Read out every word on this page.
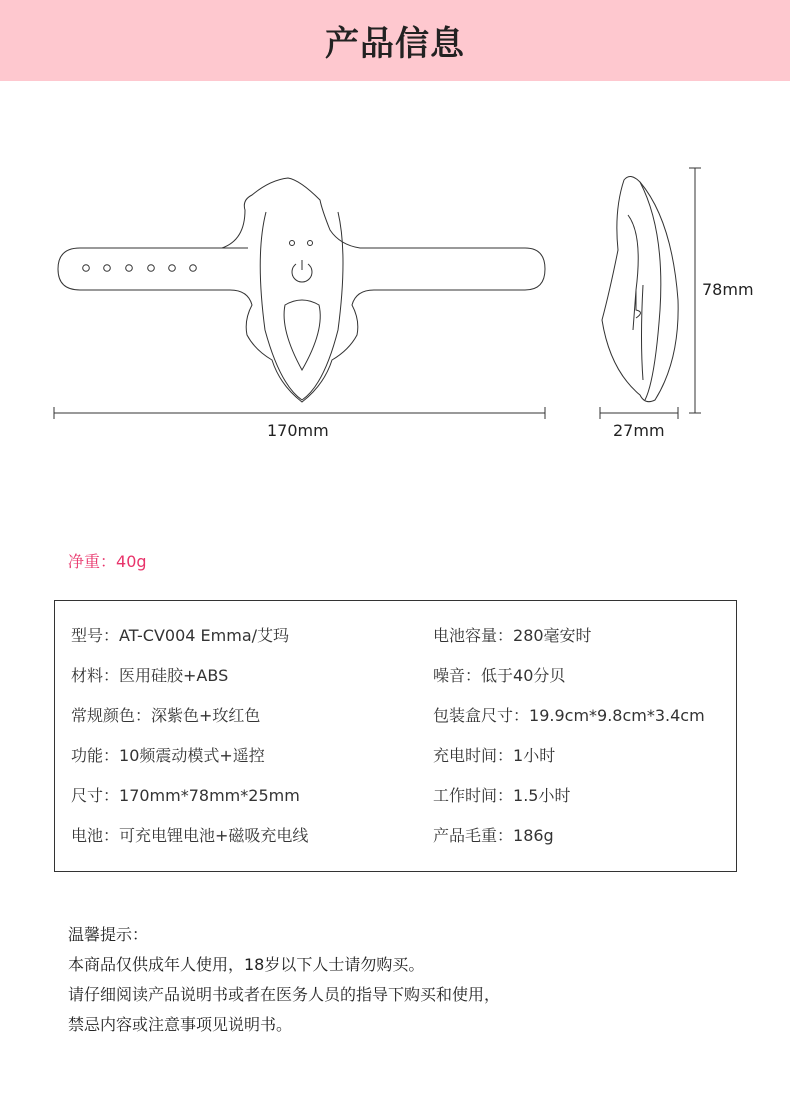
产品信息
170mm
78mm
27mm
净重：40g
型号：AT-CV004 Emma/艾玛
材料：医用硅胶+ABS
常规颜色：深紫色+玫红色
功能：10频震动模式+遥控
尺寸：170mm*78mm*25mm
电池：可充电锂电池+磁吸充电线
电池容量：280毫安时
噪音：低于40分贝
包装盒尺寸：19.9cm*9.8cm*3.4cm
充电时间：1小时
工作时间：1.5小时
产品毛重：186g
温馨提示：
本商品仅供成年人使用，18岁以下人士请勿购买。
请仔细阅读产品说明书或者在医务人员的指导下购买和使用，
禁忌内容或注意事项见说明书。
